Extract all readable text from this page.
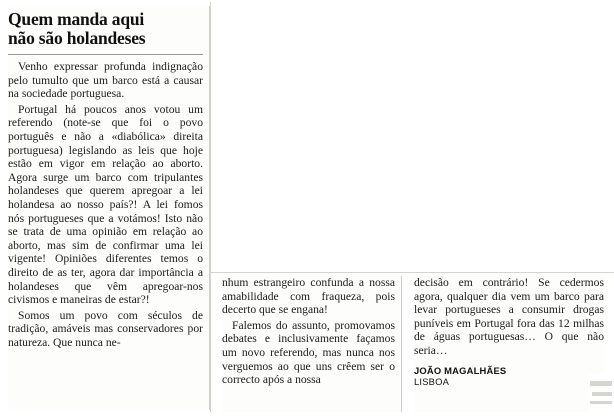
Quem manda aqui
não são holandeses

Venho expressar profunda indignação pelo tumulto que um barco está a causar na sociedade portuguesa.

Portugal há poucos anos votou um referendo (note-se que foi o povo português e não a «diabólica» direita portuguesa) legislando as leis que hoje estão em vigor em relação ao aborto. Agora surge um barco com tripulantes holandeses que querem apregoar a lei holandesa ao nosso país?! A lei fomos nós portugueses que a votámos! Isto não se trata de uma opinião em relação ao aborto, mas sim de confirmar uma lei vigente! Opiniões diferentes temos o direito de as ter, agora dar importância a holandeses que vêm apregoar-nos civismos e maneiras de estar?!

Somos um povo com séculos de tradição, amáveis mas conservadores por natureza. Que nunca ne-

nhum estrangeiro confunda a nossa amabilidade com fraqueza, pois decerto que se engana!

Falemos do assunto, promovamos debates e inclusivamente façamos um novo referendo, mas nunca nos verguemos ao que uns crêem ser o correcto após a nossa

decisão em contrário! Se cedermos agora, qualquer dia vem um barco para levar portugueses a consumir drogas puníveis em Portugal fora das 12 milhas de águas portuguesas… O que não seria…

JOÃO MAGALHÃES
LISBOA
